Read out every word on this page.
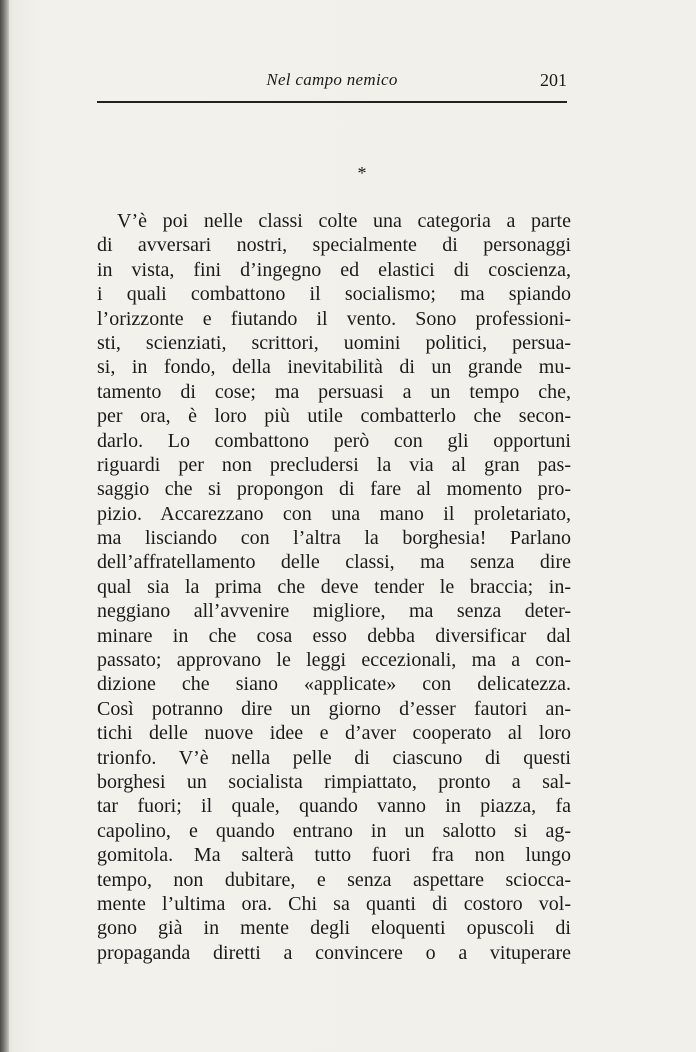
Nel campo nemico	201
*
V’è poi nelle classi colte una categoria a parte
di avversari nostri, specialmente di personaggi
in vista, fini d’ingegno ed elastici di coscienza,
i quali combattono il socialismo; ma spiando
l’orizzonte e fiutando il vento. Sono professioni-
sti, scienziati, scrittori, uomini politici, persua-
si, in fondo, della inevitabilità di un grande mu-
tamento di cose; ma persuasi a un tempo che,
per ora, è loro più utile combatterlo che secon-
darlo. Lo combattono però con gli opportuni
riguardi per non precludersi la via al gran pas-
saggio che si propongon di fare al momento pro-
pizio. Accarezzano con una mano il proletariato,
ma lisciando con l’altra la borghesia! Parlano
dell’affratellamento delle classi, ma senza dire
qual sia la prima che deve tender le braccia; in-
neggiano all’avvenire migliore, ma senza deter-
minare in che cosa esso debba diversificar dal
passato; approvano le leggi eccezionali, ma a con-
dizione che siano «applicate» con delicatezza.
Così potranno dire un giorno d’esser fautori an-
tichi delle nuove idee e d’aver cooperato al loro
trionfo. V’è nella pelle di ciascuno di questi
borghesi un socialista rimpiattato, pronto a sal-
tar fuori; il quale, quando vanno in piazza, fa
capolino, e quando entrano in un salotto si ag-
gomitola. Ma salterà tutto fuori fra non lungo
tempo, non dubitare, e senza aspettare sciocca-
mente l’ultima ora. Chi sa quanti di costoro vol-
gono già in mente degli eloquenti opuscoli di
propaganda diretti a convincere o a vituperare
